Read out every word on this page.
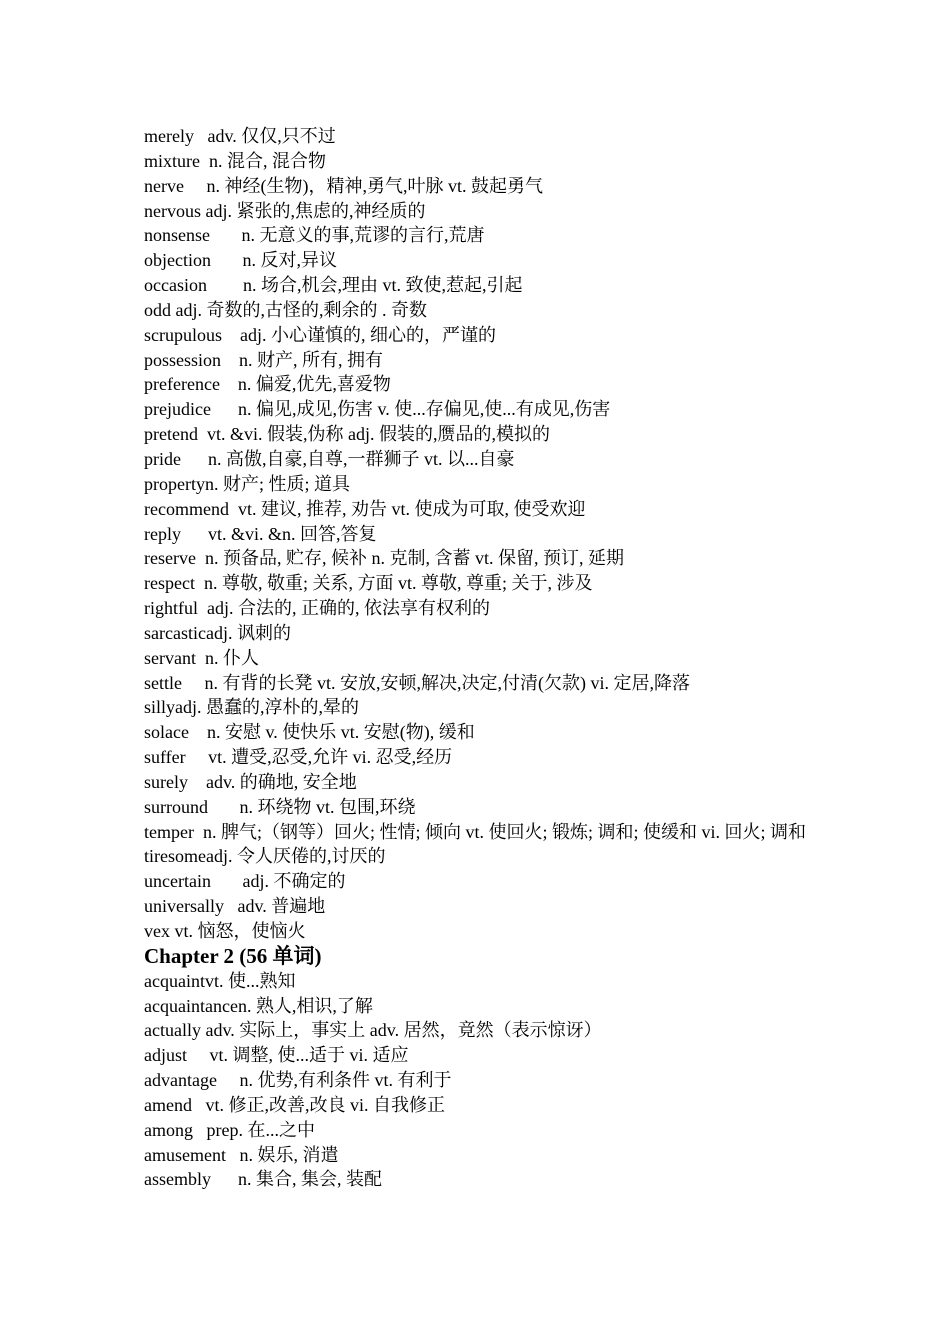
merely   adv. 仅仅,只不过

mixture  n. 混合, 混合物

nerve     n. 神经(生物)，精神,勇气,叶脉 vt. 鼓起勇气

nervous adj. 紧张的,焦虑的,神经质的

nonsense       n. 无意义的事,荒谬的言行,荒唐

objection       n. 反对,异议

occasion        n. 场合,机会,理由 vt. 致使,惹起,引起

odd adj. 奇数的,古怪的,剩余的 . 奇数

scrupulous    adj. 小心谨慎的, 细心的，严谨的

possession    n. 财产, 所有, 拥有

preference    n. 偏爱,优先,喜爱物

prejudice      n. 偏见,成见,伤害 v. 使...存偏见,使...有成见,伤害

pretend  vt. &vi. 假装,伪称 adj. 假装的,赝品的,模拟的

pride      n. 高傲,自豪,自尊,一群狮子 vt. 以...自豪

propertyn. 财产; 性质; 道具

recommend  vt. 建议, 推荐, 劝告 vt. 使成为可取, 使受欢迎

reply      vt. &vi. &n. 回答,答复

reserve  n. 预备品, 贮存, 候补 n. 克制, 含蓄 vt. 保留, 预订, 延期

respect  n. 尊敬, 敬重; 关系, 方面 vt. 尊敬, 尊重; 关于, 涉及

rightful  adj. 合法的, 正确的, 依法享有权利的

sarcasticadj. 讽刺的

servant  n. 仆人

settle     n. 有背的长凳 vt. 安放,安顿,解决,决定,付清(欠款) vi. 定居,降落

sillyadj. 愚蠢的,淳朴的,晕的

solace    n. 安慰 v. 使快乐 vt. 安慰(物), 缓和

suffer     vt. 遭受,忍受,允许 vi. 忍受,经历

surely    adv. 的确地, 安全地

surround       n. 环绕物 vt. 包围,环绕

temper  n. 脾气;（钢等）回火; 性情; 倾向 vt. 使回火; 锻炼; 调和; 使缓和 vi. 回火; 调和

tiresomeadj. 令人厌倦的,讨厌的

uncertain       adj. 不确定的

universally   adv. 普遍地

vex vt. 恼怒，使恼火

Chapter 2 (56 单词)

acquaintvt. 使...熟知

acquaintancen. 熟人,相识,了解

actually adv. 实际上，事实上 adv. 居然，竟然（表示惊讶）

adjust     vt. 调整, 使...适于 vi. 适应

advantage     n. 优势,有利条件 vt. 有利于

amend   vt. 修正,改善,改良 vi. 自我修正

among   prep. 在...之中

amusement   n. 娱乐, 消遣

assembly      n. 集合, 集会, 装配
